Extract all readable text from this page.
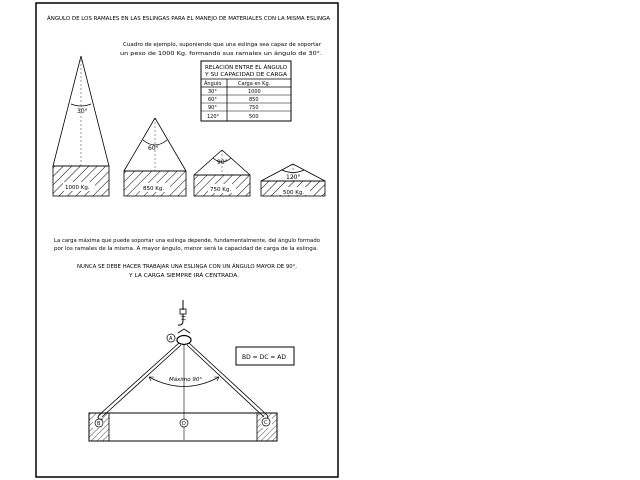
ÁNGULO DE LOS RAMALES EN LAS ESLINGAS PARA EL MANEJO DE MATERIALES CON LA MISMA ESLINGA
Cuadro de ejemplo, suponiendo que una eslinga sea capaz de soportar
un peso de 1000 Kg. formando sus ramales un ángulo de 30°.
RELACIÓN ENTRE EL ÁNGULO
Y SU CAPACIDAD DE CARGA
Ángulo	Carga en Kg.
30°	1000
60°	850
90°	750
120°	500
30°
1000 Kg.
60°
850 Kg.
90°
750 Kg.
120°
500 Kg.
La carga máxima que puede soportar una eslinga depende, fundamentalmente, del ángulo formado
por los ramales de la misma. A mayor ángulo, menor será la capacidad de carga de la eslinga.
NUNCA SE DEBE HACER TRABAJAR UNA ESLINGA CON UN ÁNGULO MAYOR DE 90°,
Y LA CARGA SIEMPRE IRÁ CENTRADA.
Máximo 90°
A
B	D	C
BD = DC = AD
